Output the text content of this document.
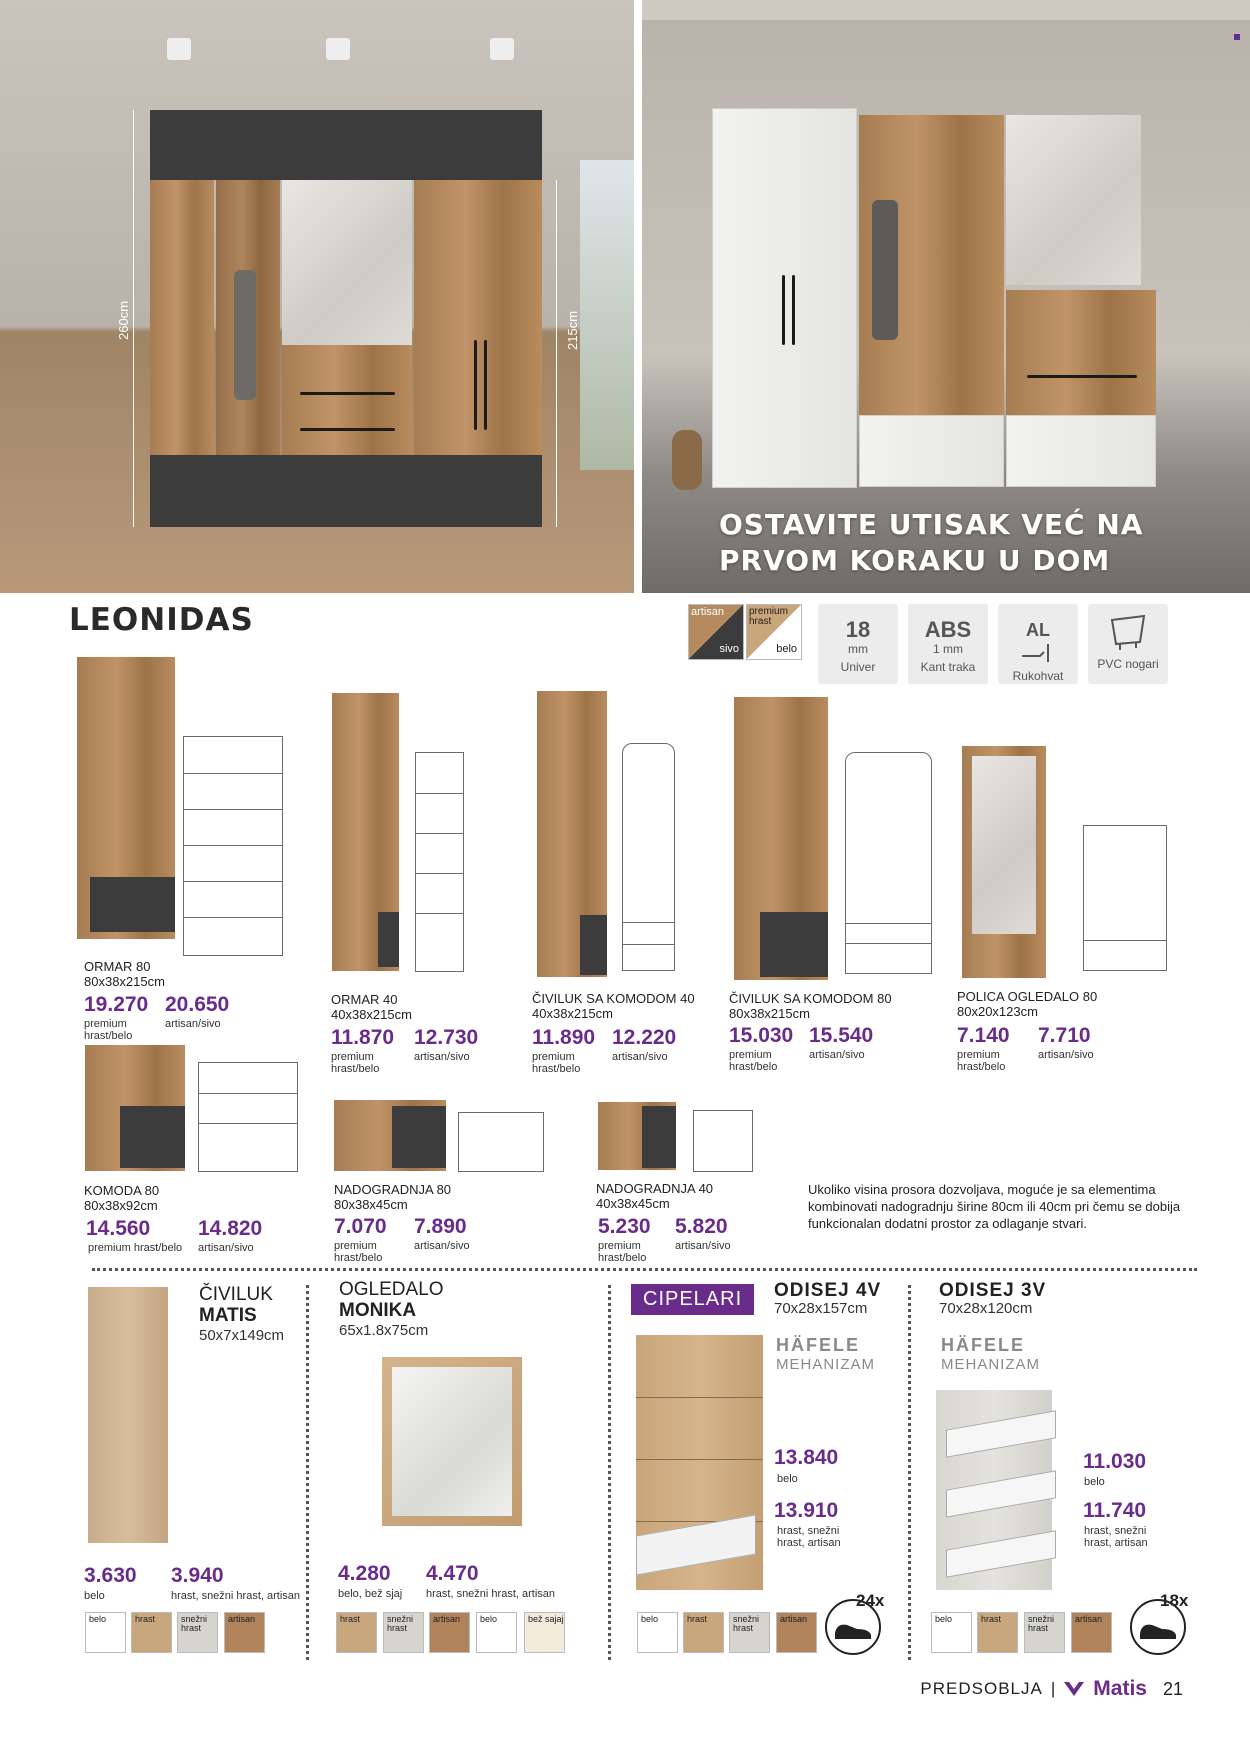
260cm	215cm
OSTAVITE UTISAK VEĆ NA
PRVOM KORAKU U DOM
LEONIDAS	artisan
sivo
premium hrast
belo
18
mm
Univer
ABS
1 mm
Kant traka
AL
Rukohvat
PVC nogari
ORMAR 80
80x38x215cm
19.270
premium hrast/belo
20.650
artisan/sivo
ORMAR 40
40x38x215cm
11.870
premium hrast/belo
12.730
artisan/sivo
ČIVILUK SA KOMODOM 40
40x38x215cm
11.890
premium hrast/belo
12.220
artisan/sivo
ČIVILUK SA KOMODOM 80
80x38x215cm
15.030
premium hrast/belo
15.540
artisan/sivo
POLICA OGLEDALO 80
80x20x123cm
7.140
premium hrast/belo
7.710
artisan/sivo
KOMODA 80
80x38x92cm
14.560
premium hrast/belo
14.820
artisan/sivo
NADOGRADNJA 80
80x38x45cm
7.070
premium hrast/belo
7.890
artisan/sivo
NADOGRADNJA 40
40x38x45cm
5.230
premium hrast/belo
5.820
artisan/sivo
Ukoliko visina prosora dozvoljava, moguće je sa elementima kombinovati nadogradnju širine 80cm ili 40cm pri čemu se dobija funkcionalan dodatni prostor za odlaganje stvari.
ČIVILUK
MATIS
50x7x149cm
3.630
belo
3.940
hrast, snežni hrast, artisan
belo	hrast	snežni hrast
artisan
OGLEDALO
MONIKA
65x1.8x75cm
4.280
belo, bež sjaj
4.470
hrast, snežni hrast, artisan
hrast	snežni hrast
artisan belo	bež sajaj
CIPELARI	ODISEJ 4V
70x28x157cm
HÄFELE
MEHANIZAM
13.840
belo
13.910
hrast, snežni hrast, artisan
24x
belo	hrast	snežni hrast
artisan
ODISEJ 3V
70x28x120cm
HÄFELE
MEHANIZAM
11.030
belo
11.740
hrast, snežni hrast, artisan
18x
belo	hrast	snežni hrast
artisan
PREDSOBLJA | Matis 21
